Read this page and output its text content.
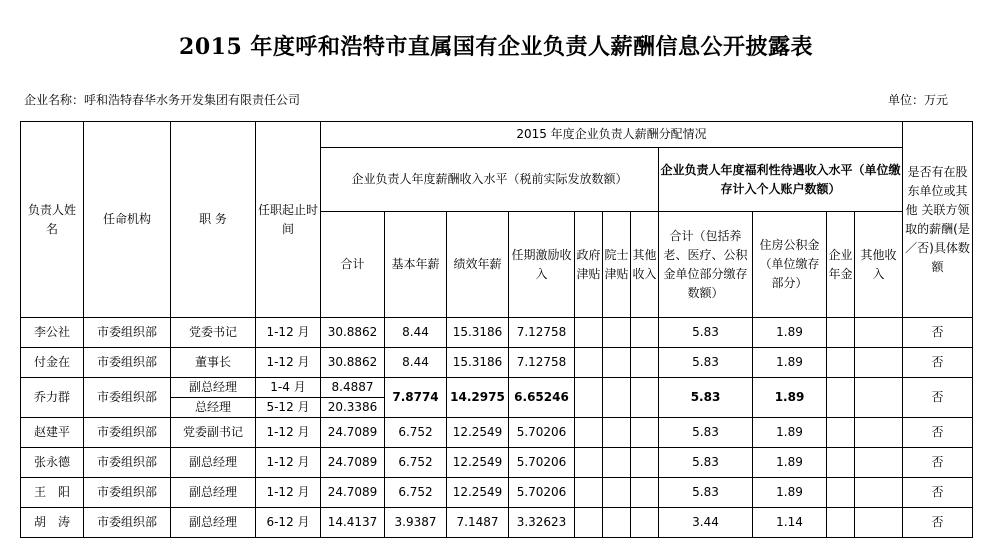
2015 年度呼和浩特市直属国有企业负责人薪酬信息公开披露表
企业名称：呼和浩特春华水务开发集团有限责任公司	单位：万元
负责人姓 名	任命机构	职 务	任职起止时间	2015 年度企业负责人薪酬分配情况											是否有在股东单位或其他 关联方领取的薪酬(是／否)具体数额
				企业负责人年度薪酬收入水平（税前实际发放数额）							企业负责人年度福利性待遇收入水平（单位缴存计入个人账户数额）				
				合计	基本年薪	绩效年薪	任期激励收入	政府津贴	院士津贴	其他收入	合计（包括养老、医疗、公积金单位部分缴存数额）	住房公积金（单位缴存部分）	企业年金	其他收入	
李公社	市委组织部	党委书记	1-12 月	30.8862	8.44	15.3186	7.12758				5.83	1.89			否
付金在	市委组织部	董事长	1-12 月	30.8862	8.44	15.3186	7.12758				5.83	1.89			否
乔力群	市委组织部	副总经理	1-4 月	8.4887	7.8774	14.2975	6.65246				5.83	1.89			否
		总经理	5-12 月	20.3386											
赵建平	市委组织部	党委副书记	1-12 月	24.7089	6.752	12.2549	5.70206				5.83	1.89			否
张永德	市委组织部	副总经理	1-12 月	24.7089	6.752	12.2549	5.70206				5.83	1.89			否
王　阳	市委组织部	副总经理	1-12 月	24.7089	6.752	12.2549	5.70206				5.83	1.89			否
胡　涛	市委组织部	副总经理	6-12 月	14.4137	3.9387	7.1487	3.32623				3.44	1.14			否
